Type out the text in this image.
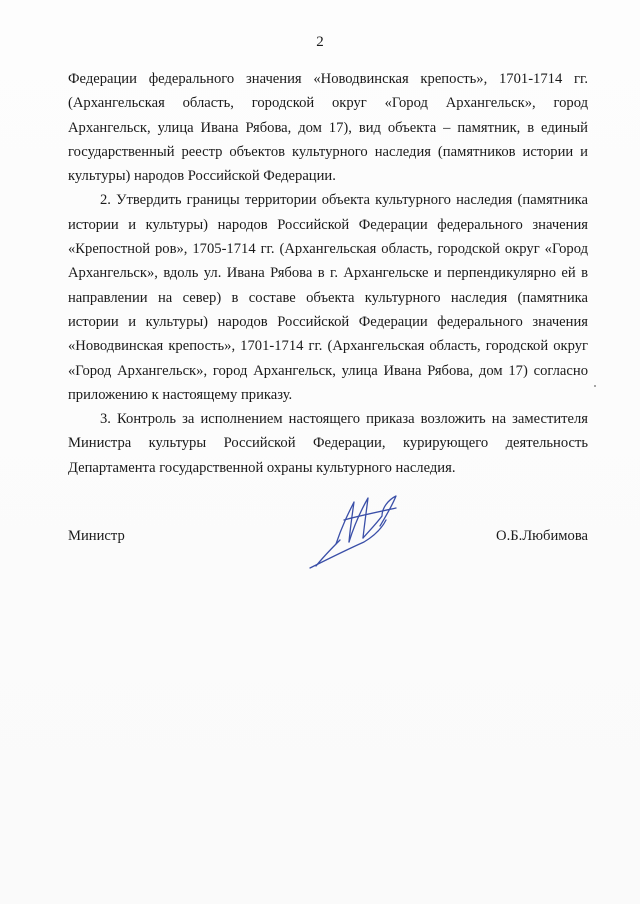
2

Федерации федерального значения «Новодвинская крепость», 1701-1714 гг. (Архангельская область, городской округ «Город Архангельск», город Архангельск, улица Ивана Рябова, дом 17), вид объекта – памятник, в единый государственный реестр объектов культурного наследия (памятников истории и культуры) народов Российской Федерации.

2. Утвердить границы территории объекта культурного наследия (памятника истории и культуры) народов Российской Федерации федерального значения «Крепостной ров», 1705-1714 гг. (Архангельская область, городской округ «Город Архангельск», вдоль ул. Ивана Рябова в г. Архангельске и перпендикулярно ей в направлении на север) в составе объекта культурного наследия (памятника истории и культуры) народов Российской Федерации федерального значения «Новодвинская крепость», 1701-1714 гг. (Архангельская область, городской округ «Город Архангельск», город Архангельск, улица Ивана Рябова, дом 17) согласно приложению к настоящему приказу.

3. Контроль за исполнением настоящего приказа возложить на заместителя Министра культуры Российской Федерации, курирующего деятельность Департамента государственной охраны культурного наследия.

Министр	О.Б.Любимова
